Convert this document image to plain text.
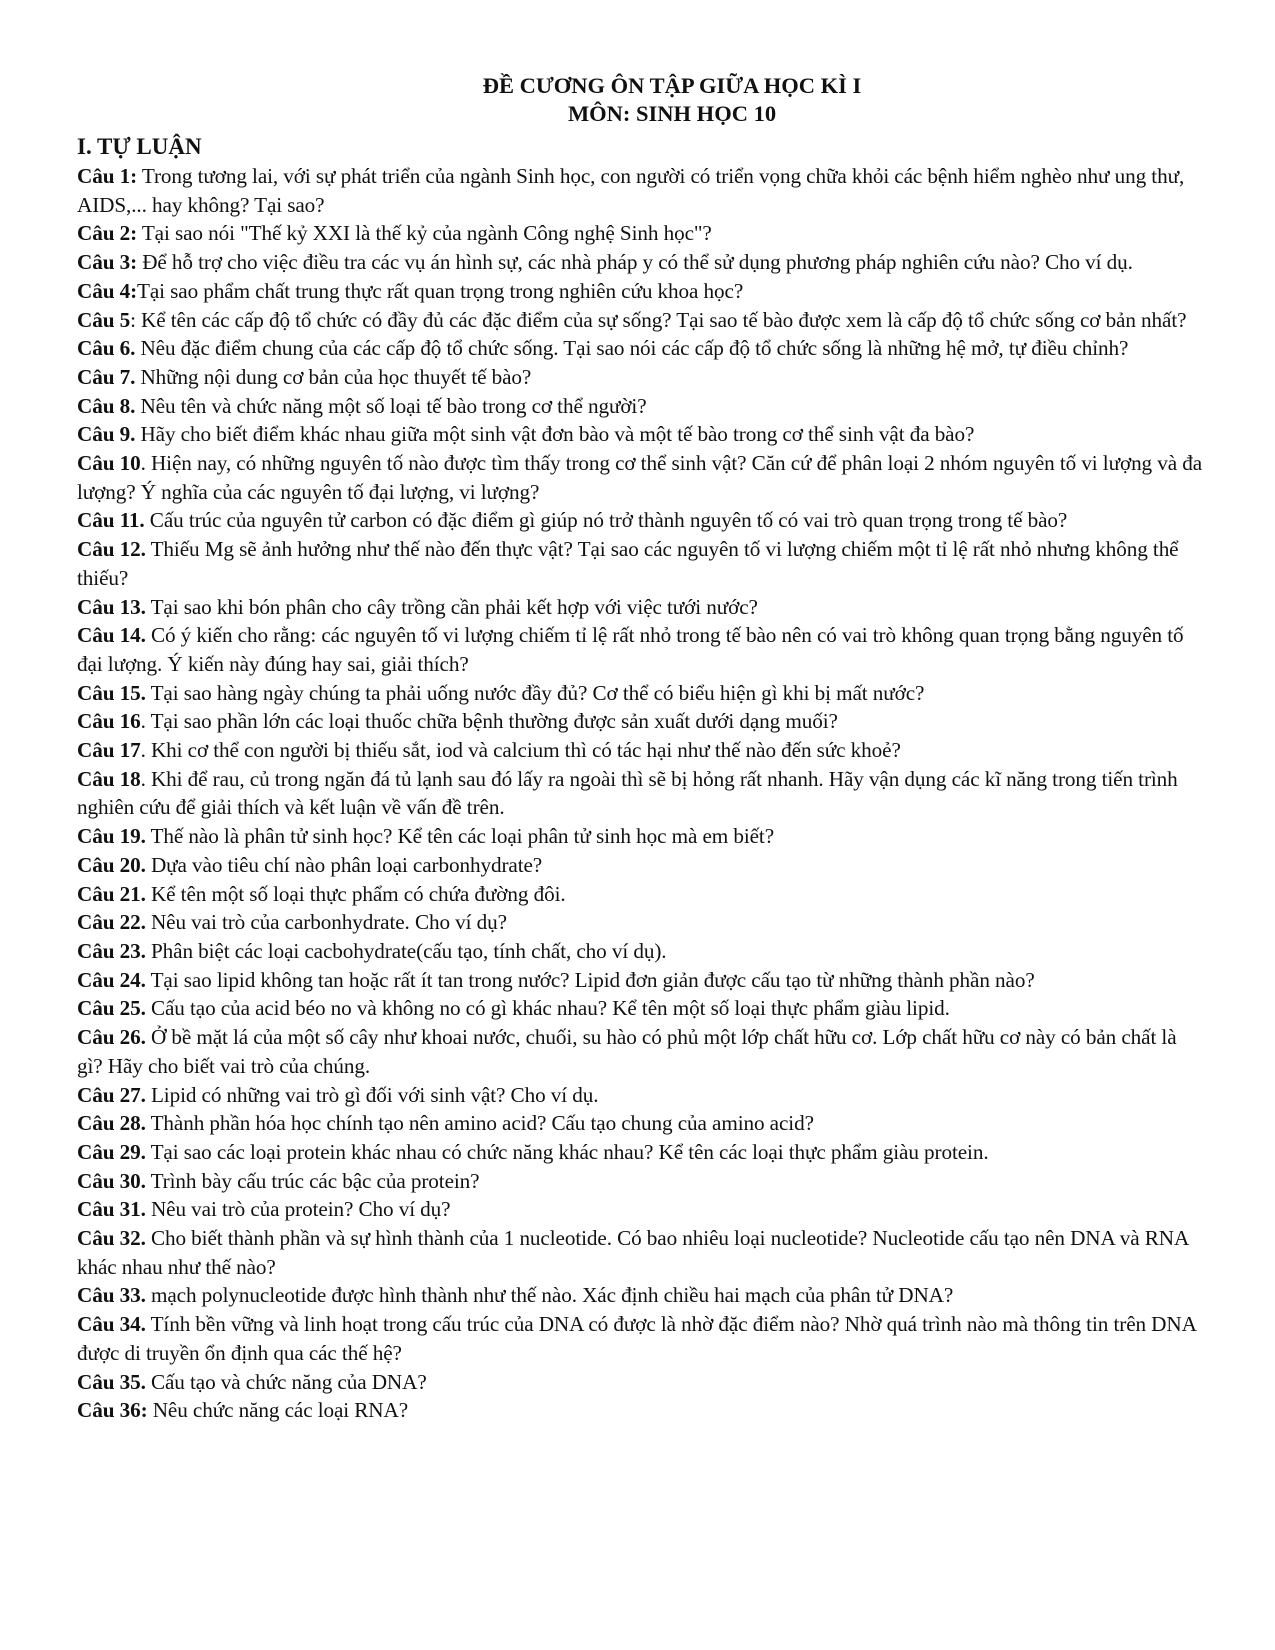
ĐỀ CƯƠNG ÔN TẬP GIỮA HỌC KÌ I
MÔN: SINH HỌC 10
I. TỰ LUẬN
Câu 1: Trong tương lai, với sự phát triển của ngành Sinh học, con người có triển vọng chữa khỏi các bệnh hiểm nghèo như ung thư, AIDS,... hay không? Tại sao?
Câu 2: Tại sao nói "Thế kỷ XXI là thế kỷ của ngành Công nghệ Sinh học"?
Câu 3: Để hỗ trợ cho việc điều tra các vụ án hình sự, các nhà pháp y có thể sử dụng phương pháp nghiên cứu nào? Cho ví dụ.
Câu 4:Tại sao phẩm chất trung thực rất quan trọng trong nghiên cứu khoa học?
Câu 5: Kể tên các cấp độ tổ chức có đầy đủ các đặc điểm của sự sống? Tại sao tế bào được xem là cấp độ tổ chức sống cơ bản nhất?
Câu 6. Nêu đặc điểm chung của các cấp độ tổ chức sống. Tại sao nói các cấp độ tổ chức sống là những hệ mở, tự điều chỉnh?
Câu 7. Những nội dung cơ bản của học thuyết tế bào?
Câu 8. Nêu tên và chức năng một số loại tế bào trong cơ thể người?
Câu 9. Hãy cho biết điểm khác nhau giữa một sinh vật đơn bào và một tế bào trong cơ thể sinh vật đa bào?
Câu 10. Hiện nay, có những nguyên tố nào được tìm thấy trong cơ thể sinh vật? Căn cứ để phân loại 2 nhóm nguyên tố vi lượng và đa lượng? Ý nghĩa của các nguyên tố đại lượng, vi lượng?
Câu 11. Cấu trúc của nguyên tử carbon có đặc điểm gì giúp nó trở thành nguyên tố có vai trò quan trọng trong tế bào?
Câu 12. Thiếu Mg sẽ ảnh hưởng như thế nào đến thực vật? Tại sao các nguyên tố vi lượng chiếm một tỉ lệ rất nhỏ nhưng không thể thiếu?
Câu 13. Tại sao khi bón phân cho cây trồng cần phải kết hợp với việc tưới nước?
Câu 14. Có ý kiến cho rằng: các nguyên tố vi lượng chiếm tỉ lệ rất nhỏ trong tế bào nên có vai trò không quan trọng bằng nguyên tố đại lượng. Ý kiến này đúng hay sai, giải thích?
Câu 15. Tại sao hàng ngày chúng ta phải uống nước đầy đủ? Cơ thể có biểu hiện gì khi bị mất nước?
Câu 16. Tại sao phần lớn các loại thuốc chữa bệnh thường được sản xuất dưới dạng muối?
Câu 17. Khi cơ thể con người bị thiếu sắt, iod và calcium thì có tác hại như thế nào đến sức khoẻ?
Câu 18. Khi để rau, củ trong ngăn đá tủ lạnh sau đó lấy ra ngoài thì sẽ bị hỏng rất nhanh. Hãy vận dụng các kĩ năng trong tiến trình nghiên cứu để giải thích và kết luận về vấn đề trên.
Câu 19. Thế nào là phân tử sinh học? Kể tên các loại phân tử sinh học mà em biết?
Câu 20. Dựa vào tiêu chí nào phân loại carbonhydrate?
Câu 21. Kể tên một số loại thực phẩm có chứa đường đôi.
Câu 22. Nêu vai trò của carbonhydrate. Cho ví dụ?
Câu 23. Phân biệt các loại cacbohydrate(cấu tạo, tính chất, cho ví dụ).
Câu 24. Tại sao lipid không tan hoặc rất ít tan trong nước? Lipid đơn giản được cấu tạo từ những thành phần nào?
Câu 25. Cấu tạo của acid béo no và không no có gì khác nhau? Kể tên một số loại thực phẩm giàu lipid.
Câu 26. Ở bề mặt lá của một số cây như khoai nước, chuối, su hào có phủ một lớp chất hữu cơ. Lớp chất hữu cơ này có bản chất là gì? Hãy cho biết vai trò của chúng.
Câu 27. Lipid có những vai trò gì đối với sinh vật? Cho ví dụ.
Câu 28. Thành phần hóa học chính tạo nên amino acid? Cấu tạo chung của amino acid?
Câu 29. Tại sao các loại protein khác nhau có chức năng khác nhau? Kể tên các loại thực phẩm giàu protein.
Câu 30. Trình bày cấu trúc các bậc của protein?
Câu 31. Nêu vai trò của protein? Cho ví dụ?
Câu 32. Cho biết thành phần và sự hình thành của 1 nucleotide. Có bao nhiêu loại nucleotide? Nucleotide cấu tạo nên DNA và RNA khác nhau như thế nào?
Câu 33. mạch polynucleotide được hình thành như thế nào. Xác định chiều hai mạch của phân tử DNA?
Câu 34. Tính bền vững và linh hoạt trong cấu trúc của DNA có được là nhờ đặc điểm nào? Nhờ quá trình nào mà thông tin trên DNA được di truyền ổn định qua các thế hệ?
Câu 35. Cấu tạo và chức năng của DNA?
Câu 36: Nêu chức năng các loại RNA?
